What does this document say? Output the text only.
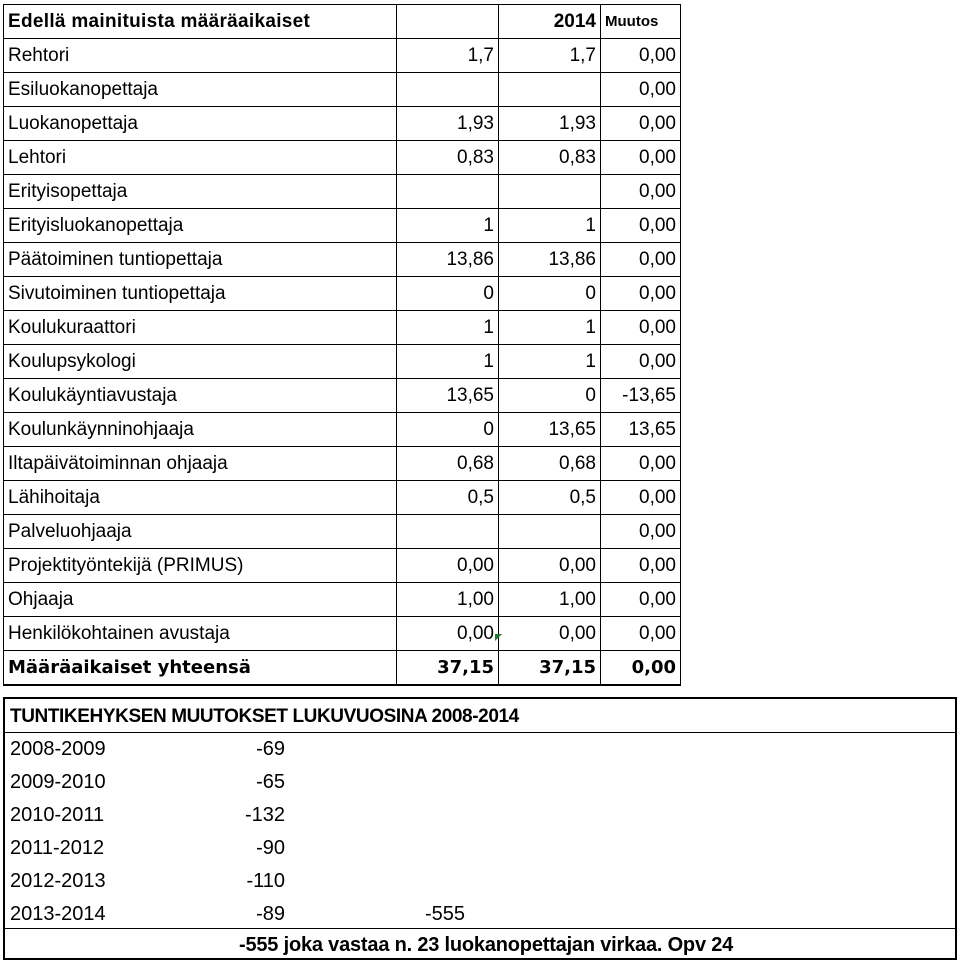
Edellä mainituista määräaikaiset		2014	Muutos
Rehtori	1,7	1,7	0,00
Esiluokanopettaja			0,00
Luokanopettaja	1,93	1,93	0,00
Lehtori	0,83	0,83	0,00
Erityisopettaja			0,00
Erityisluokanopettaja	1	1	0,00
Päätoiminen tuntiopettaja	13,86	13,86	0,00
Sivutoiminen tuntiopettaja	0	0	0,00
Koulukuraattori	1	1	0,00
Koulupsykologi	1	1	0,00
Koulukäyntiavustaja	13,65	0	-13,65
Koulunkäynninohjaaja	0	13,65	13,65
Iltapäivätoiminnan ohjaaja	0,68	0,68	0,00
Lähihoitaja	0,5	0,5	0,00
Palveluohjaaja			0,00
Projektityöntekijä (PRIMUS)	0,00	0,00	0,00
Ohjaaja	1,00	1,00	0,00
Henkilökohtainen avustaja	0,00	0,00	0,00
Määräaikaiset yhteensä	37,15	37,15	0,00
TUNTIKEHYKSEN MUUTOKSET LUKUVUOSINA 2008-2014
2008-2009	-69
2009-2010	-65
2010-2011	-132
2011-2012	-90
2012-2013	-110
2013-2014	-89	-555
-555 joka vastaa n. 23 luokanopettajan virkaa. Opv 24
